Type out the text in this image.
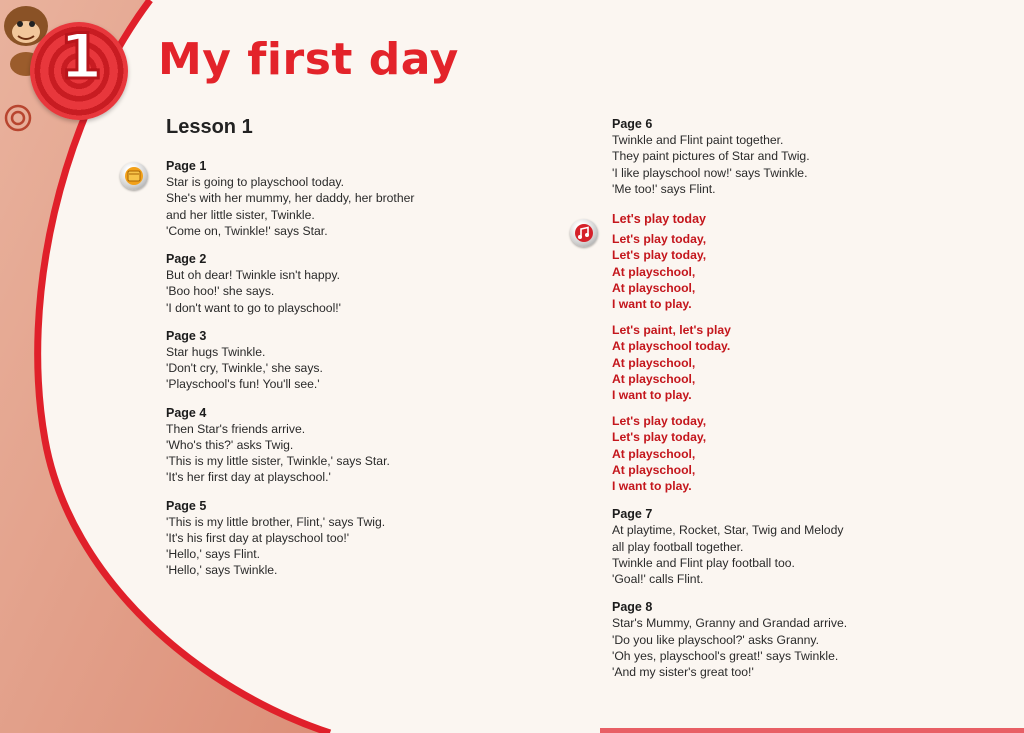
1 My first day
Lesson 1

Page 1

Star is going to playschool today.
She's with her mummy, her daddy, her brother
and her little sister, Twinkle.
'Come on, Twinkle!' says Star.

Page 2

But oh dear! Twinkle isn't happy.
'Boo hoo!' she says.
'I don't want to go to playschool!'

Page 3

Star hugs Twinkle.
'Don't cry, Twinkle,' she says.
'Playschool's fun! You'll see.'

Page 4

Then Star's friends arrive.
'Who's this?' asks Twig.
'This is my little sister, Twinkle,' says Star.
'It's her first day at playschool.'

Page 5

'This is my little brother, Flint,' says Twig.
'It's his first day at playschool too!'
'Hello,' says Flint.
'Hello,' says Twinkle.

Page 6

Twinkle and Flint paint together.
They paint pictures of Star and Twig.
'I like playschool now!' says Twinkle.
'Me too!' says Flint.

Let's play today

Let's play today,
Let's play today,
At playschool,
At playschool,
I want to play.
Let's paint, let's play
At playschool today.
At playschool,
At playschool,
I want to play.
Let's play today,
Let's play today,
At playschool,
At playschool,
I want to play.

Page 7

At playtime, Rocket, Star, Twig and Melody
all play football together.
Twinkle and Flint play football too.
'Goal!' calls Flint.

Page 8

Star's Mummy, Granny and Grandad arrive.
'Do you like playschool?' asks Granny.
'Oh yes, playschool's great!' says Twinkle.
'And my sister's great too!'
